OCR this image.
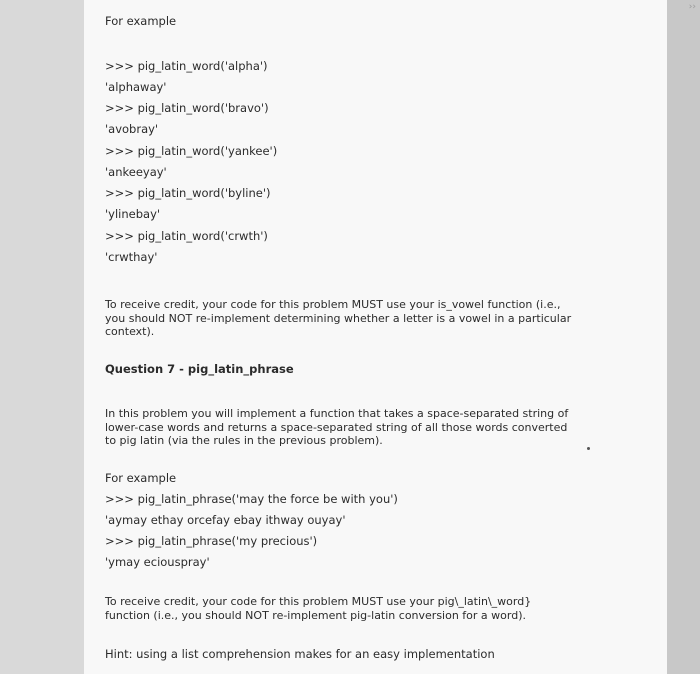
››
For example
>>> pig_latin_word('alpha')
'alphaway'
>>> pig_latin_word('bravo')
'avobray'
>>> pig_latin_word('yankee')
'ankeeyay'
>>> pig_latin_word('byline')
'ylinebay'
>>> pig_latin_word('crwth')
'crwthay'
To receive credit, your code for this problem MUST use your is_vowel function (i.e., you should NOT re-implement determining whether a letter is a vowel in a particular context).
Question 7 - pig_latin_phrase
In this problem you will implement a function that takes a space-separated string of lower-case words and returns a space-separated string of all those words converted to pig latin (via the rules in the previous problem).
For example
>>> pig_latin_phrase('may the force be with you')
'aymay ethay orcefay ebay ithway ouyay'
>>> pig_latin_phrase('my precious')
'ymay eciouspray'
To receive credit, your code for this problem MUST use your pig\_latin\_word} function (i.e., you should NOT re-implement pig-latin conversion for a word).
Hint: using a list comprehension makes for an easy implementation
